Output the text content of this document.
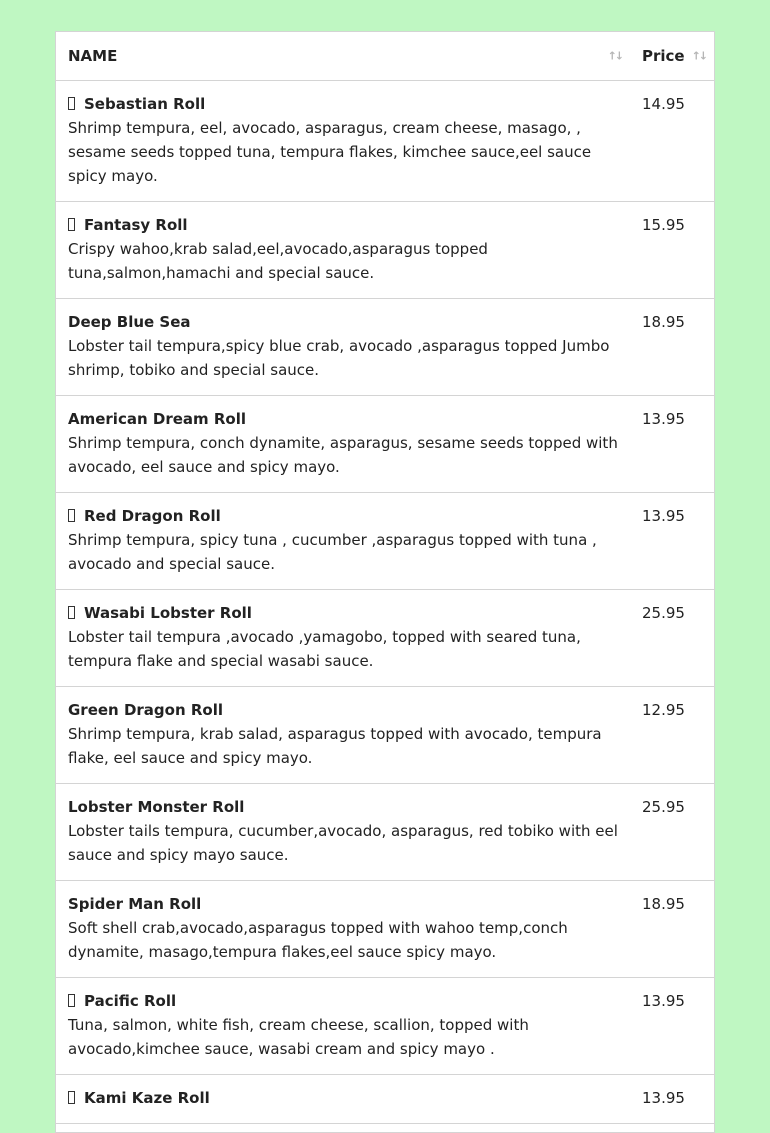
NAME ↑↓	Price ↑↓

Sebastian Roll
Shrimp tempura, eel, avocado, asparagus, cream cheese, masago, , sesame seeds topped tuna, tempura flakes, kimchee sauce,eel sauce spicy mayo.	14.95

Fantasy Roll
Crispy wahoo,krab salad,eel,avocado,asparagus topped tuna,salmon,hamachi and special sauce.	15.95

Deep Blue Sea
Lobster tail tempura,spicy blue crab, avocado ,asparagus topped Jumbo shrimp, tobiko and special sauce.	18.95

American Dream Roll
Shrimp tempura, conch dynamite, asparagus, sesame seeds topped with avocado, eel sauce and spicy mayo.	13.95

Red Dragon Roll
Shrimp tempura, spicy tuna , cucumber ,asparagus topped with tuna , avocado and special sauce.	13.95

Wasabi Lobster Roll
Lobster tail tempura ,avocado ,yamagobo, topped with seared tuna, tempura flake and special wasabi sauce.	25.95

Green Dragon Roll
Shrimp tempura, krab salad, asparagus topped with avocado, tempura flake, eel sauce and spicy mayo.	12.95

Lobster Monster Roll
Lobster tails tempura, cucumber,avocado, asparagus, red tobiko with eel sauce and spicy mayo sauce.	25.95

Spider Man Roll
Soft shell crab,avocado,asparagus topped with wahoo temp,conch dynamite, masago,tempura flakes,eel sauce spicy mayo.	18.95

Pacific Roll
Tuna, salmon, white fish, cream cheese, scallion, topped with avocado,kimchee sauce, wasabi cream and spicy mayo .	13.95

Kami Kaze Roll	13.95
